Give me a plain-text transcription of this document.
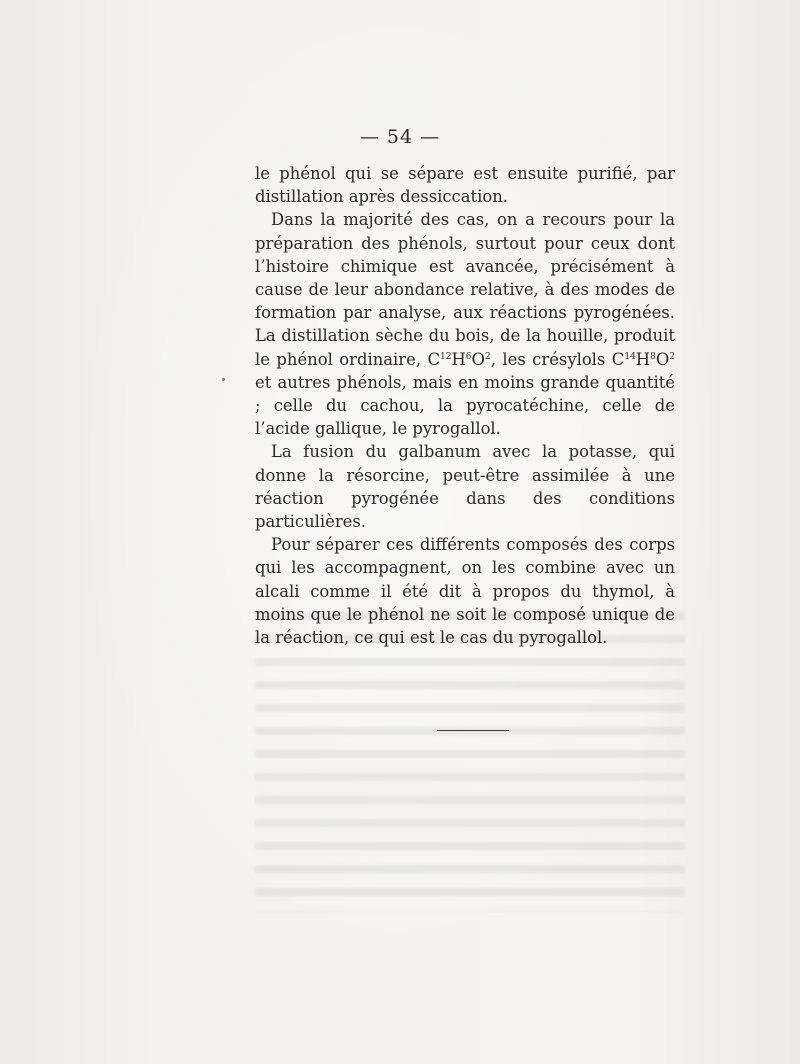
— 54 —

le phénol qui se sépare est ensuite purifié, par distillation après dessiccation.

Dans la majorité des cas, on a recours pour la préparation des phénols, surtout pour ceux dont l’histoire chimique est avancée, précisément à cause de leur abondance relative, à des modes de formation par analyse, aux réactions pyrogénées. La distillation sèche du bois, de la houille, produit le phénol ordinaire, $C^{12}H^6O^2$, les crésylols $C^{14}H^8O^2$ et autres phénols, mais en moins grande quantité ; celle du cachou, la pyrocatéchine, celle de l’acide gallique, le pyrogallol.

La fusion du galbanum avec la potasse, qui donne la résorcine, peut-être assimilée à une réaction pyrogénée dans des conditions particulières.

Pour séparer ces différents composés des corps qui les accompagnent, on les combine avec un alcali comme il été dit à propos du thymol, à moins que le phénol ne soit le composé unique de la réaction, ce qui est le cas du pyrogallol.
